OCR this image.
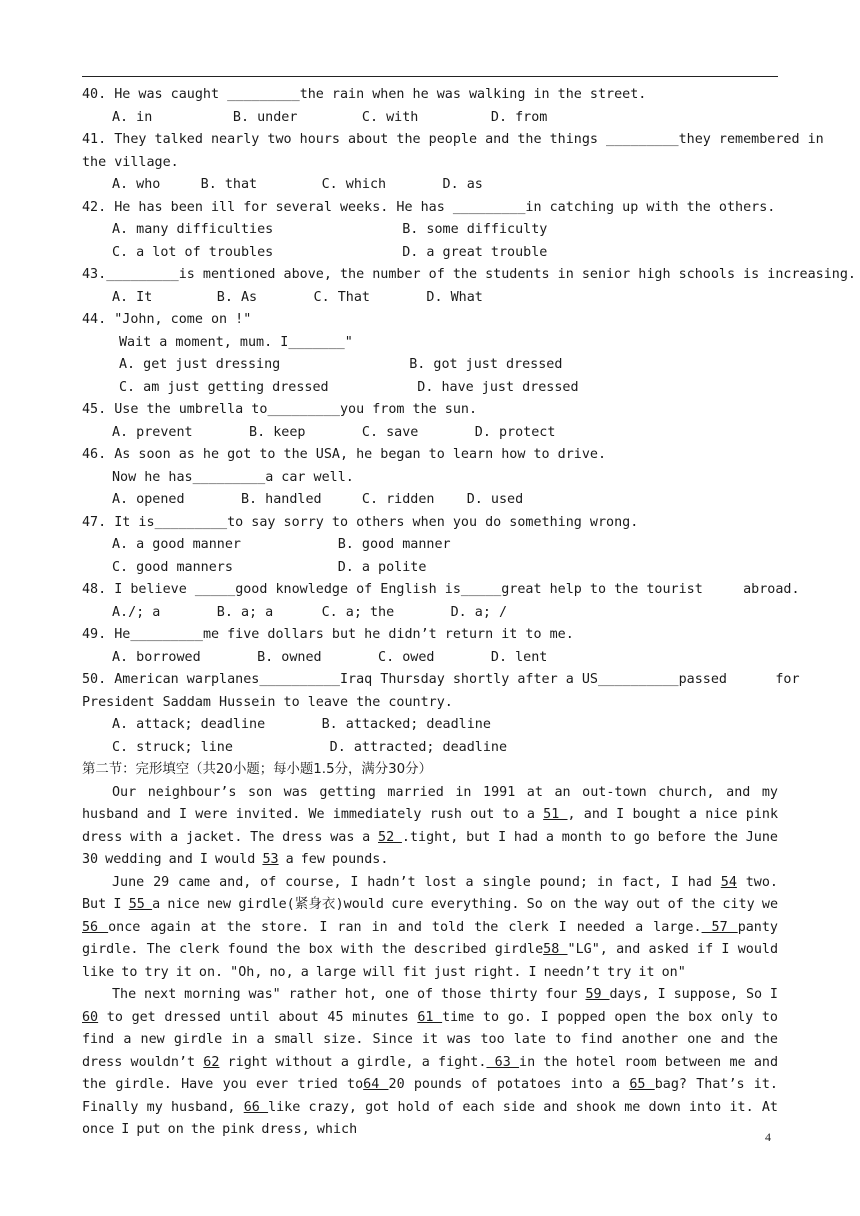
40. He was caught _________the rain when he was walking in the street.

A. in          B. under        C. with         D. from

41. They talked nearly two hours about the people and the things _________they remembered in

the village.

A. who     B. that        C. which       D. as

42. He has been ill for several weeks. He has _________in catching up with the others.

A. many difficulties                B. some difficulty

C. a lot of troubles                D. a great trouble

43._________is mentioned above, the number of the students in senior high schools is increasing.

A. It        B. As       C. That       D. What

44. "John, come on !"

Wait a moment, mum. I_______"

A. get just dressing                B. got just dressed

C. am just getting dressed           D. have just dressed

45. Use the umbrella to_________you from the sun.

A. prevent       B. keep       C. save       D. protect

46. As soon as he got to the USA, he began to learn how to drive.

Now he has_________a car well.

A. opened       B. handled     C. ridden    D. used

47. It is_________to say sorry to others when you do something wrong.

A. a good manner            B. good manner

C. good manners             D. a polite

48. I believe _____good knowledge of English is_____great help to the tourist     abroad.

A./; a       B. a; a      C. a; the       D. a; /

49. He_________me five dollars but he didn’t return it to me.

A. borrowed       B. owned       C. owed       D. lent

50. American warplanes__________Iraq Thursday shortly after a US__________passed      for

President Saddam Hussein to leave the country.

A. attack; deadline       B. attacked; deadline

C. struck; line            D. attracted; deadline

第二节：完形填空（共20小题；每小题1.5分，满分30分）

Our neighbour’s son was getting married in 1991 at an out-town church, and my husband and I were invited. We immediately rush out to a 51 , and I bought a nice pink dress with a jacket. The dress was a 52 .tight, but I had a month to go before the June 30 wedding and I would 53 a few pounds.

June 29 came and, of course, I hadn’t lost a single pound; in fact, I had 54 two. But I 55 a nice new girdle(紧身衣)would cure everything. So on the way out of the city we 56 once again at the store. I ran in and told the clerk I needed a large. 57 panty girdle. The clerk found the box with the described girdle58 "LG", and asked if I would like to try it on. "Oh, no, a large will fit just right. I needn’t try it on"

The next morning was" rather hot, one of those thirty four 59 days, I suppose, So I 60 to get dressed until about 45 minutes 61 time to go. I popped open the box only to find a new girdle in a small size. Since it was too late to find another one and the dress wouldn’t 62 right without a girdle, a fight. 63 in the hotel room between me and the girdle. Have you ever tried to64 20 pounds of potatoes into a 65 bag? That’s it. Finally my husband, 66 like crazy, got hold of each side and shook me down into it. At once I put on the pink dress, which	4
